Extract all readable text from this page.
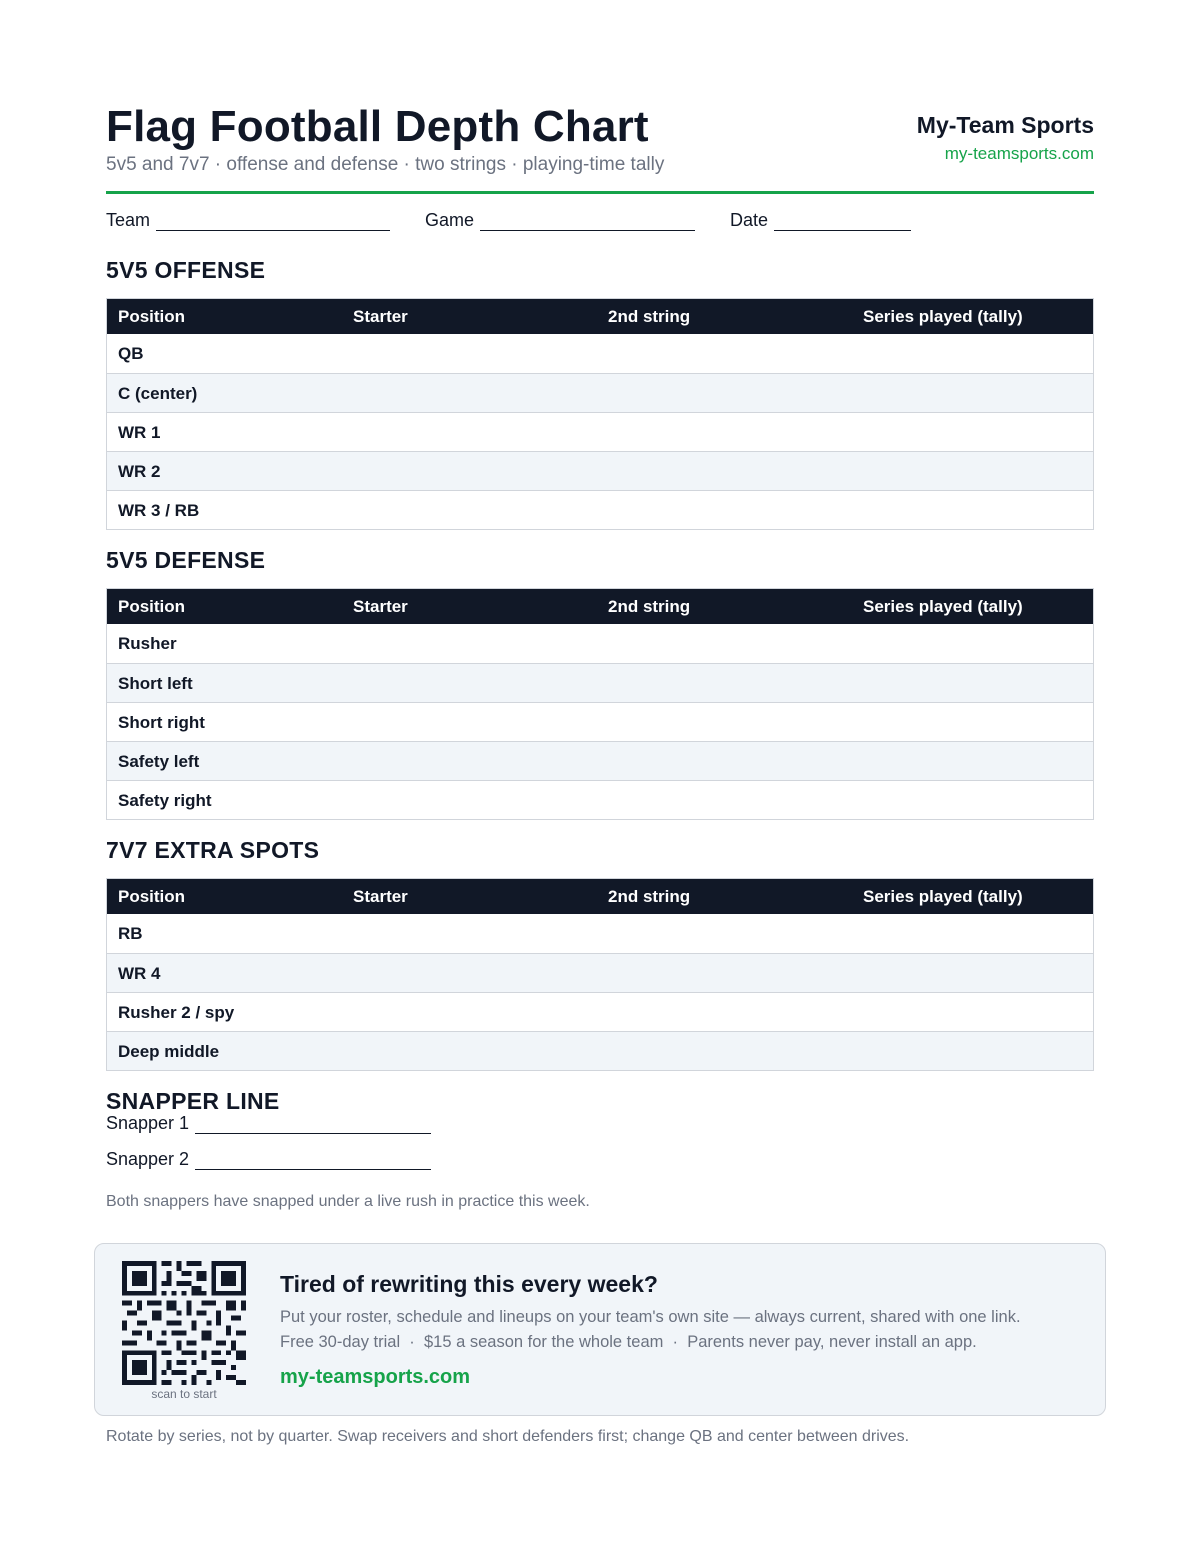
Flag Football Depth Chart
5v5 and 7v7 · offense and defense · two strings · playing-time tally
My-Team Sports
my-teamsports.com
Team	Game	Date
5V5 OFFENSE
Position	Starter	2nd string	Series played (tally)
QB
C (center)
WR 1
WR 2
WR 3 / RB
5V5 DEFENSE
Position	Starter	2nd string	Series played (tally)
Rusher
Short left
Short right
Safety left
Safety right
7V7 EXTRA SPOTS
Position	Starter	2nd string	Series played (tally)
RB
WR 4
Rusher 2 / spy
Deep middle
SNAPPER LINE
Snapper 1
Snapper 2
Both snappers have snapped under a live rush in practice this week.
scan to start
Tired of rewriting this every week?
Put your roster, schedule and lineups on your team's own site — always current, shared with one link.
Free 30-day trial  ·  $15 a season for the whole team  ·  Parents never pay, never install an app.
my-teamsports.com
Rotate by series, not by quarter. Swap receivers and short defenders first; change QB and center between drives.
